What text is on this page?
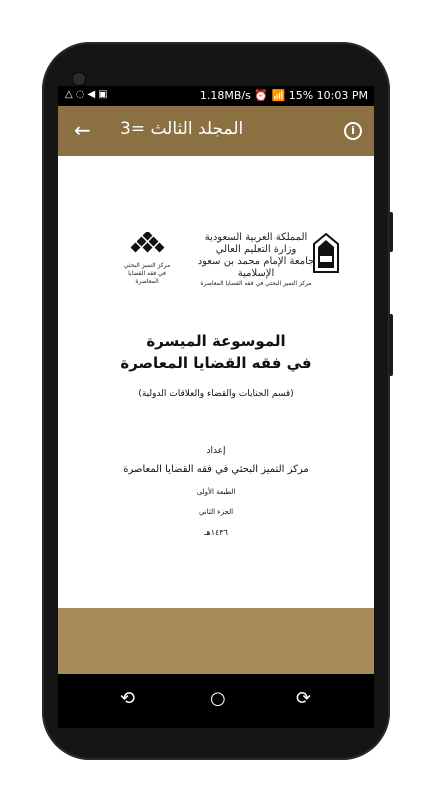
△ ◌ ◀ ▣	1.18MB/s ⏰ 📶 15% 10:03 PM
← المجلد الثالث =3	i
مركز التميز البحثي
في فقه القضايا المعاصرة
المملكة العربية السعودية
وزارة التعليم العالي
جامعة الإمام محمد بن سعود الإسلامية
مركز التميز البحثي في فقه القضايا المعاصرة
الموسوعة الميسرة
في فقه القضايا المعاصرة
(قسم الجنايات والقضاء والعلاقات الدولية)
إعداد
مركز التميز البحثي في فقه القضايا المعاصرة
الطبعة الأولى
الجزء الثاني
١٤٣٦هـ
⟲	○	⟳
